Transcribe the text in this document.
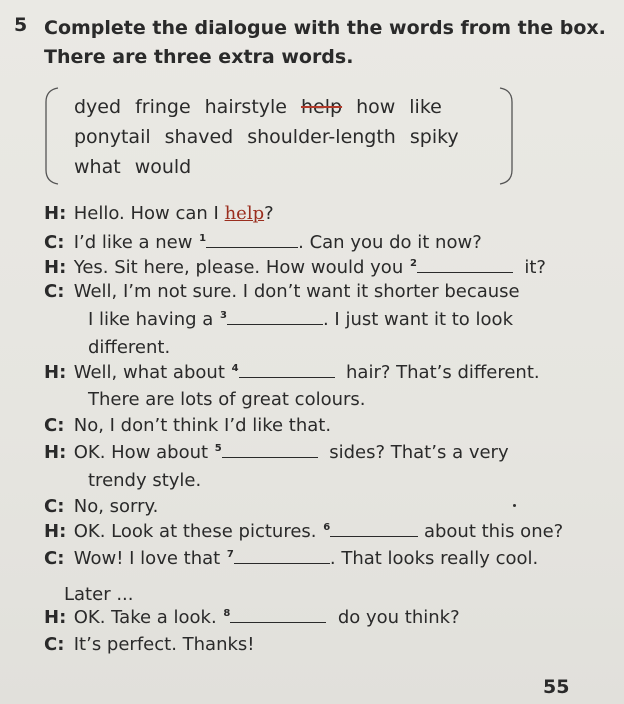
5 Complete the dialogue with the words from the box.
There are three extra words.
dyed fringe hairstyle help how like
ponytail shaved shoulder-length spiky
what would
H: Hello. How can I help?
C: I’d like a new $^1$	. Can you do it now?
H: Yes. Sit here, please. How would you $^2$	it?
C: Well, I’m not sure. I don’t want it shorter because
I like having a $^3$	. I just want it to look
different.
H: Well, what about $^4$	hair? That’s different.
There are lots of great colours.
C: No, I don’t think I’d like that.
H: OK. How about $^5$	sides? That’s a very
trendy style.
C: No, sorry.
H: OK. Look at these pictures. $^6$	about this one?
C: Wow! I love that $^7$	. That looks really cool.
Later ...
H: OK. Take a look. $^8$	do you think?
C: It’s perfect. Thanks!
55
